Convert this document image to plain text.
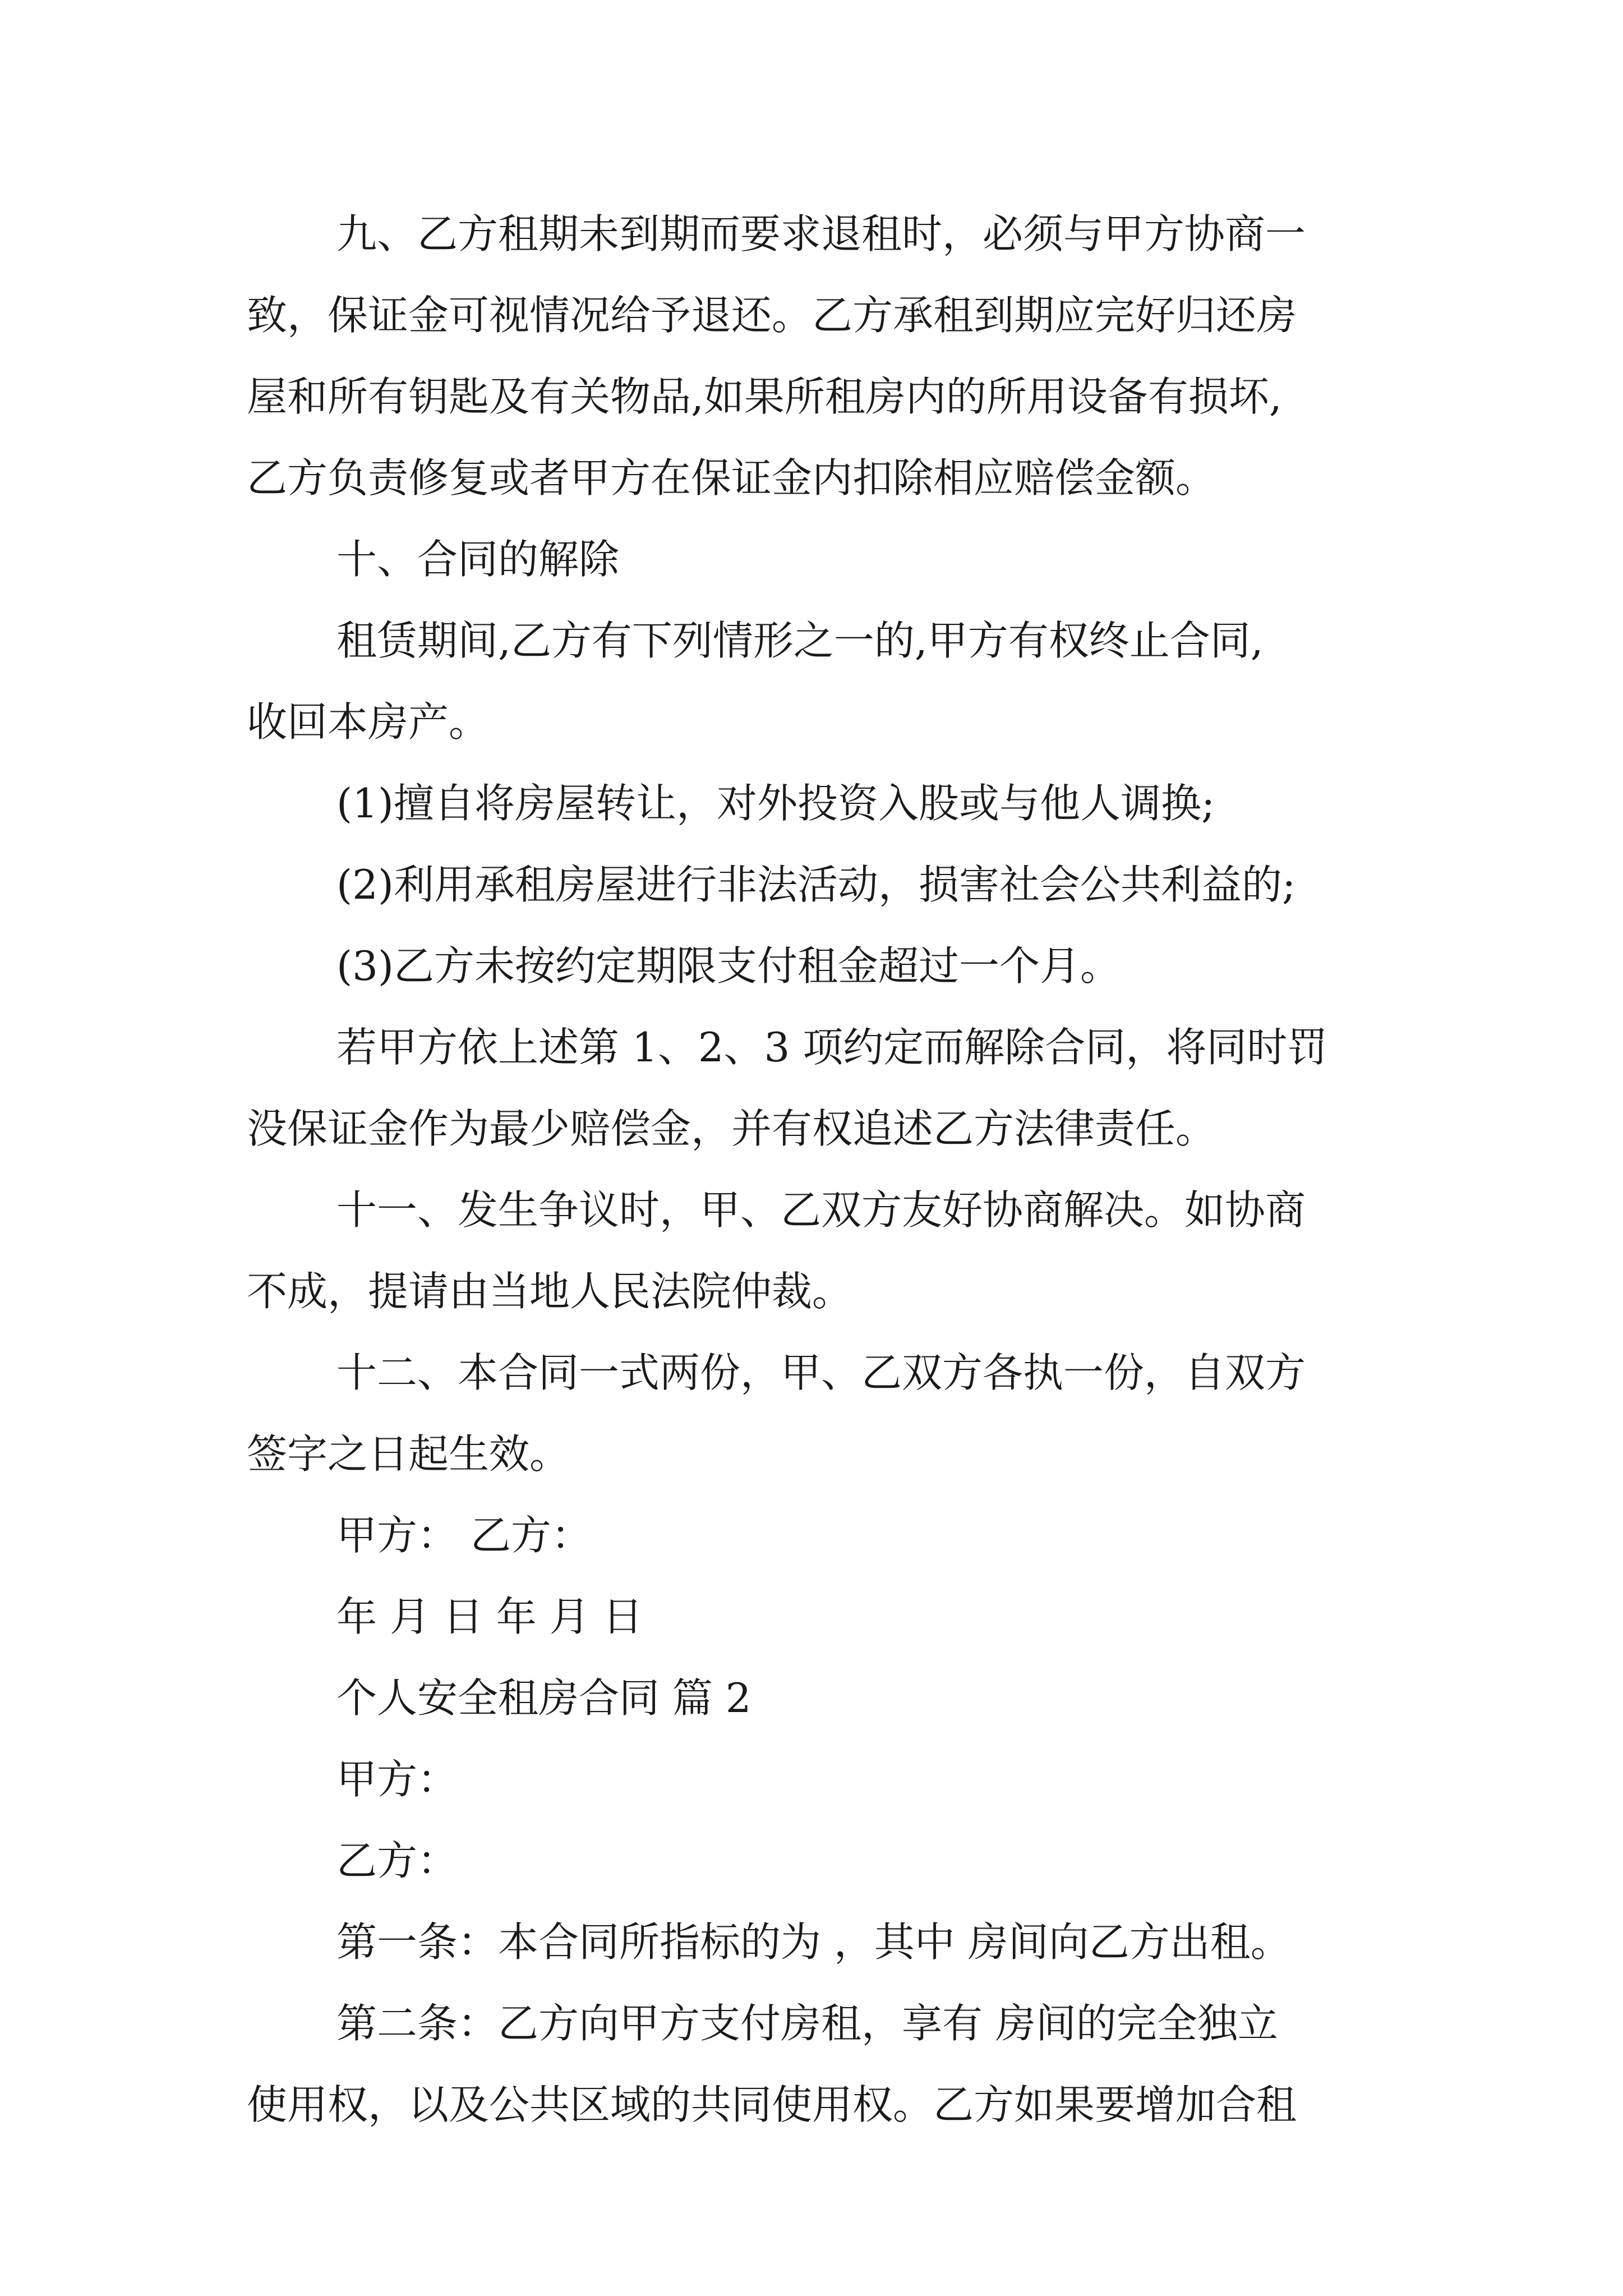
九、乙方租期未到期而要求退租时，必须与甲方协商一
致，保证金可视情况给予退还。乙方承租到期应完好归还房
屋和所有钥匙及有关物品,如果所租房内的所用设备有损坏,
乙方负责修复或者甲方在保证金内扣除相应赔偿金额。
十、合同的解除
租赁期间,乙方有下列情形之一的,甲方有权终止合同,
收回本房产。
(1)擅自将房屋转让，对外投资入股或与他人调换;
(2)利用承租房屋进行非法活动，损害社会公共利益的;
(3)乙方未按约定期限支付租金超过一个月。
若甲方依上述第 1、2、3 项约定而解除合同，将同时罚
没保证金作为最少赔偿金，并有权追述乙方法律责任。
十一、发生争议时，甲、乙双方友好协商解决。如协商
不成，提请由当地人民法院仲裁。
十二、本合同一式两份，甲、乙双方各执一份，自双方
签字之日起生效。
甲方： 乙方：
年 月 日 年 月 日
个人安全租房合同 篇 2
甲方：
乙方：
第一条：本合同所指标的为 ，其中 房间向乙方出租。
第二条：乙方向甲方支付房租，享有 房间的完全独立
使用权，以及公共区域的共同使用权。乙方如果要增加合租
